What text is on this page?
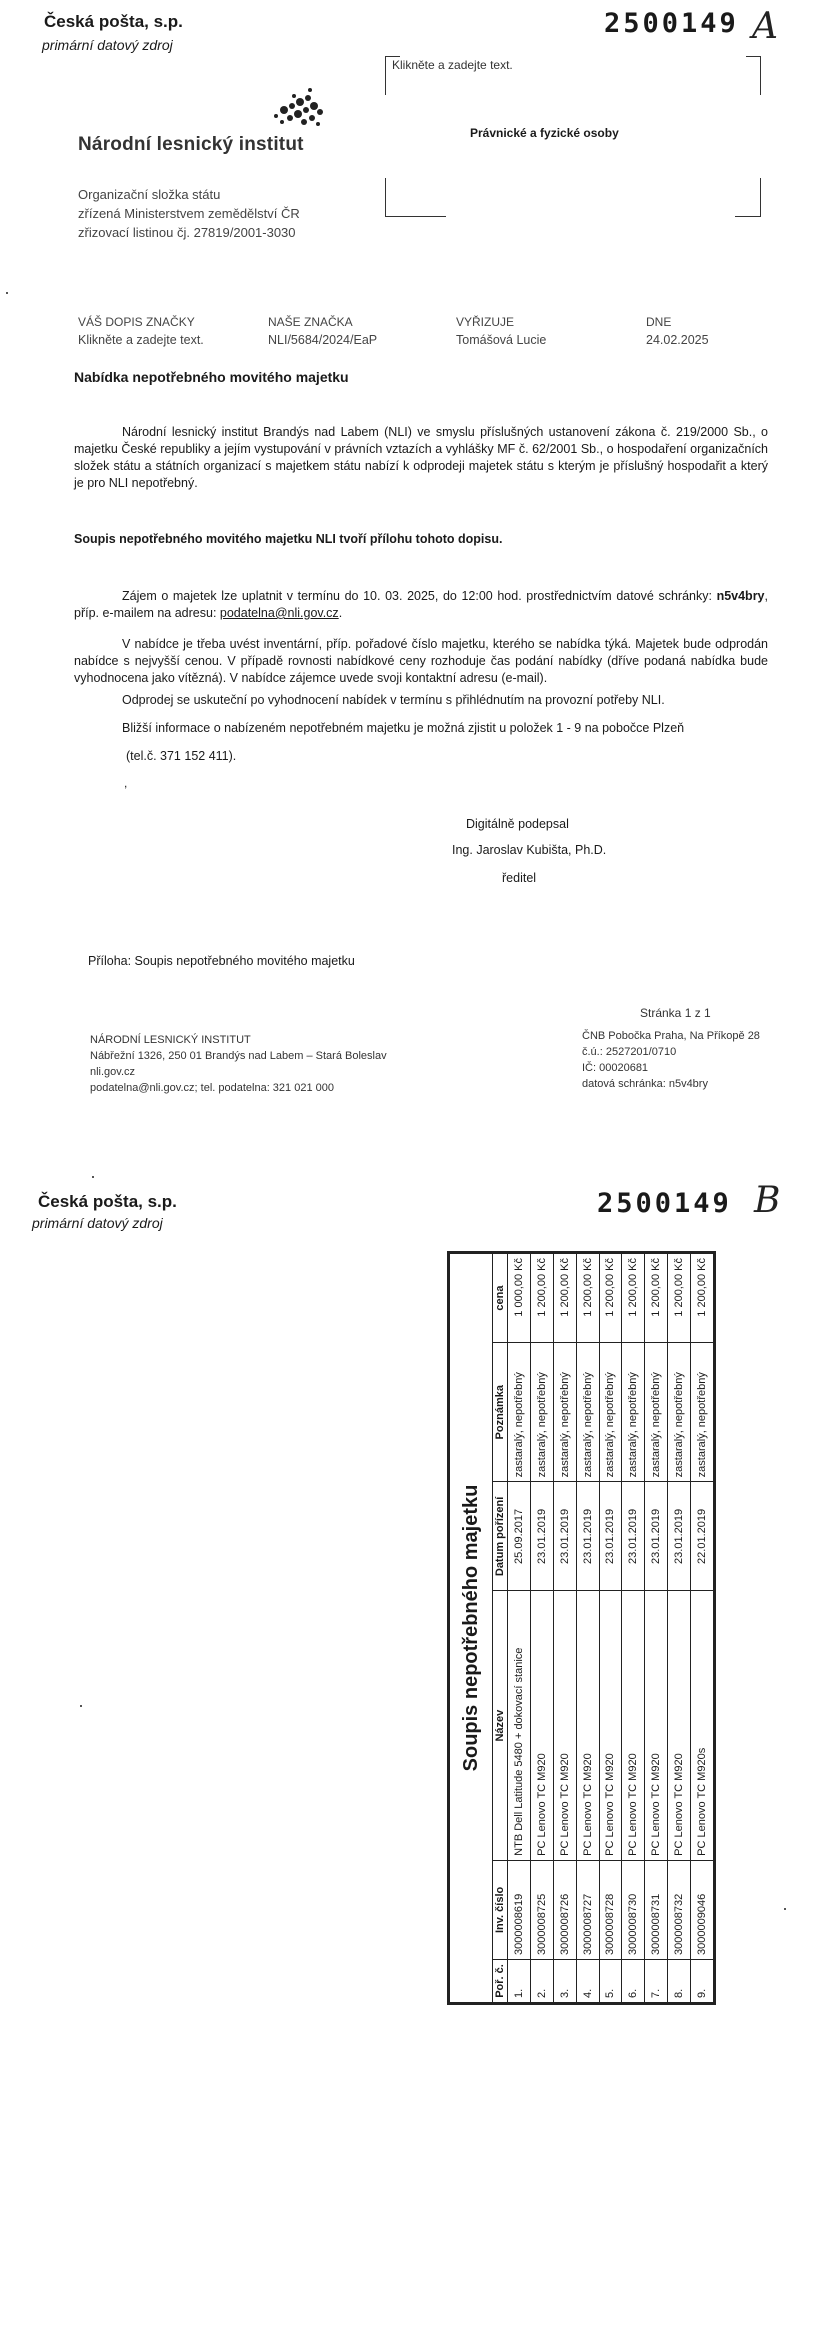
Česká pošta, s.p.
primární datový zdroj
2500149 A
Klikněte a zadejte text.
Právnické a fyzické osoby
Národní lesnický institut
Organizační složka státu
zřízená Ministerstvem zemědělství ČR
zřizovací listinou čj. 27819/2001-3030
VÁŠ DOPIS ZNAČKY
Klikněte a zadejte text.
NAŠE ZNAČKA
NLI/5684/2024/EaP
VYŘIZUJE
Tomášová Lucie
DNE
24.02.2025
Nabídka nepotřebného movitého majetku
Národní lesnický institut Brandýs nad Labem (NLI) ve smyslu příslušných ustanovení zákona č. 219/2000 Sb., o majetku České republiky a jejím vystupování v právních vztazích a vyhlášky MF č. 62/2001 Sb., o hospodaření organizačních složek státu a státních organizací s majetkem státu nabízí k odprodeji majetek státu s kterým je příslušný hospodařit a který je pro NLI nepotřebný.
Soupis nepotřebného movitého majetku NLI tvoří přílohu tohoto dopisu.
Zájem o majetek lze uplatnit v termínu do 10. 03. 2025, do 12:00 hod. prostřednictvím datové schránky: n5v4bry, příp. e-mailem na adresu: podatelna@nli.gov.cz.
V nabídce je třeba uvést inventární, příp. pořadové číslo majetku, kterého se nabídka týká. Majetek bude odprodán nabídce s nejvyšší cenou. V případě rovnosti nabídkové ceny rozhoduje čas podání nabídky (dříve podaná nabídka bude vyhodnocena jako vítězná). V nabídce zájemce uvede svoji kontaktní adresu (e-mail).
Odprodej se uskuteční po vyhodnocení nabídek v termínu s přihlédnutím na provozní potřeby NLI.
Bližší informace o nabízeném nepotřebném majetku je možná zjistit u položek 1 - 9 na pobočce Plzeň
(tel.č. 371 152 411).
,
Digitálně podepsal
Ing. Jaroslav Kubišta, Ph.D.
ředitel
Příloha: Soupis nepotřebného movitého majetku
Stránka 1 z 1
NÁRODNÍ LESNICKÝ INSTITUT
Nábřežní 1326, 250 01 Brandýs nad Labem – Stará Boleslav
nli.gov.cz
podatelna@nli.gov.cz; tel. podatelna: 321 021 000
ČNB Pobočka Praha, Na Příkopě 28
č.ú.: 2527201/0710
IČ: 00020681
datová schránka: n5v4bry
Česká pošta, s.p.
primární datový zdroj
2500149 B
Soupis nepotřebného majetku					
Poř. č.	Inv. číslo	Název	Datum pořízení	Poznámka	cena
1.	3000008619	NTB Dell Latitude 5480 + dokovací stanice	25.09.2017	zastaralý, nepotřebný	1 000,00 Kč
2.	3000008725	PC Lenovo TC M920	23.01.2019	zastaralý, nepotřebný	1 200,00 Kč
3.	3000008726	PC Lenovo TC M920	23.01.2019	zastaralý, nepotřebný	1 200,00 Kč
4.	3000008727	PC Lenovo TC M920	23.01.2019	zastaralý, nepotřebný	1 200,00 Kč
5.	3000008728	PC Lenovo TC M920	23.01.2019	zastaralý, nepotřebný	1 200,00 Kč
6.	3000008730	PC Lenovo TC M920	23.01.2019	zastaralý, nepotřebný	1 200,00 Kč
7.	3000008731	PC Lenovo TC M920	23.01.2019	zastaralý, nepotřebný	1 200,00 Kč
8.	3000008732	PC Lenovo TC M920	23.01.2019	zastaralý, nepotřebný	1 200,00 Kč
9.	3000009046	PC Lenovo TC M920s	22.01.2019	zastaralý, nepotřebný	1 200,00 Kč
